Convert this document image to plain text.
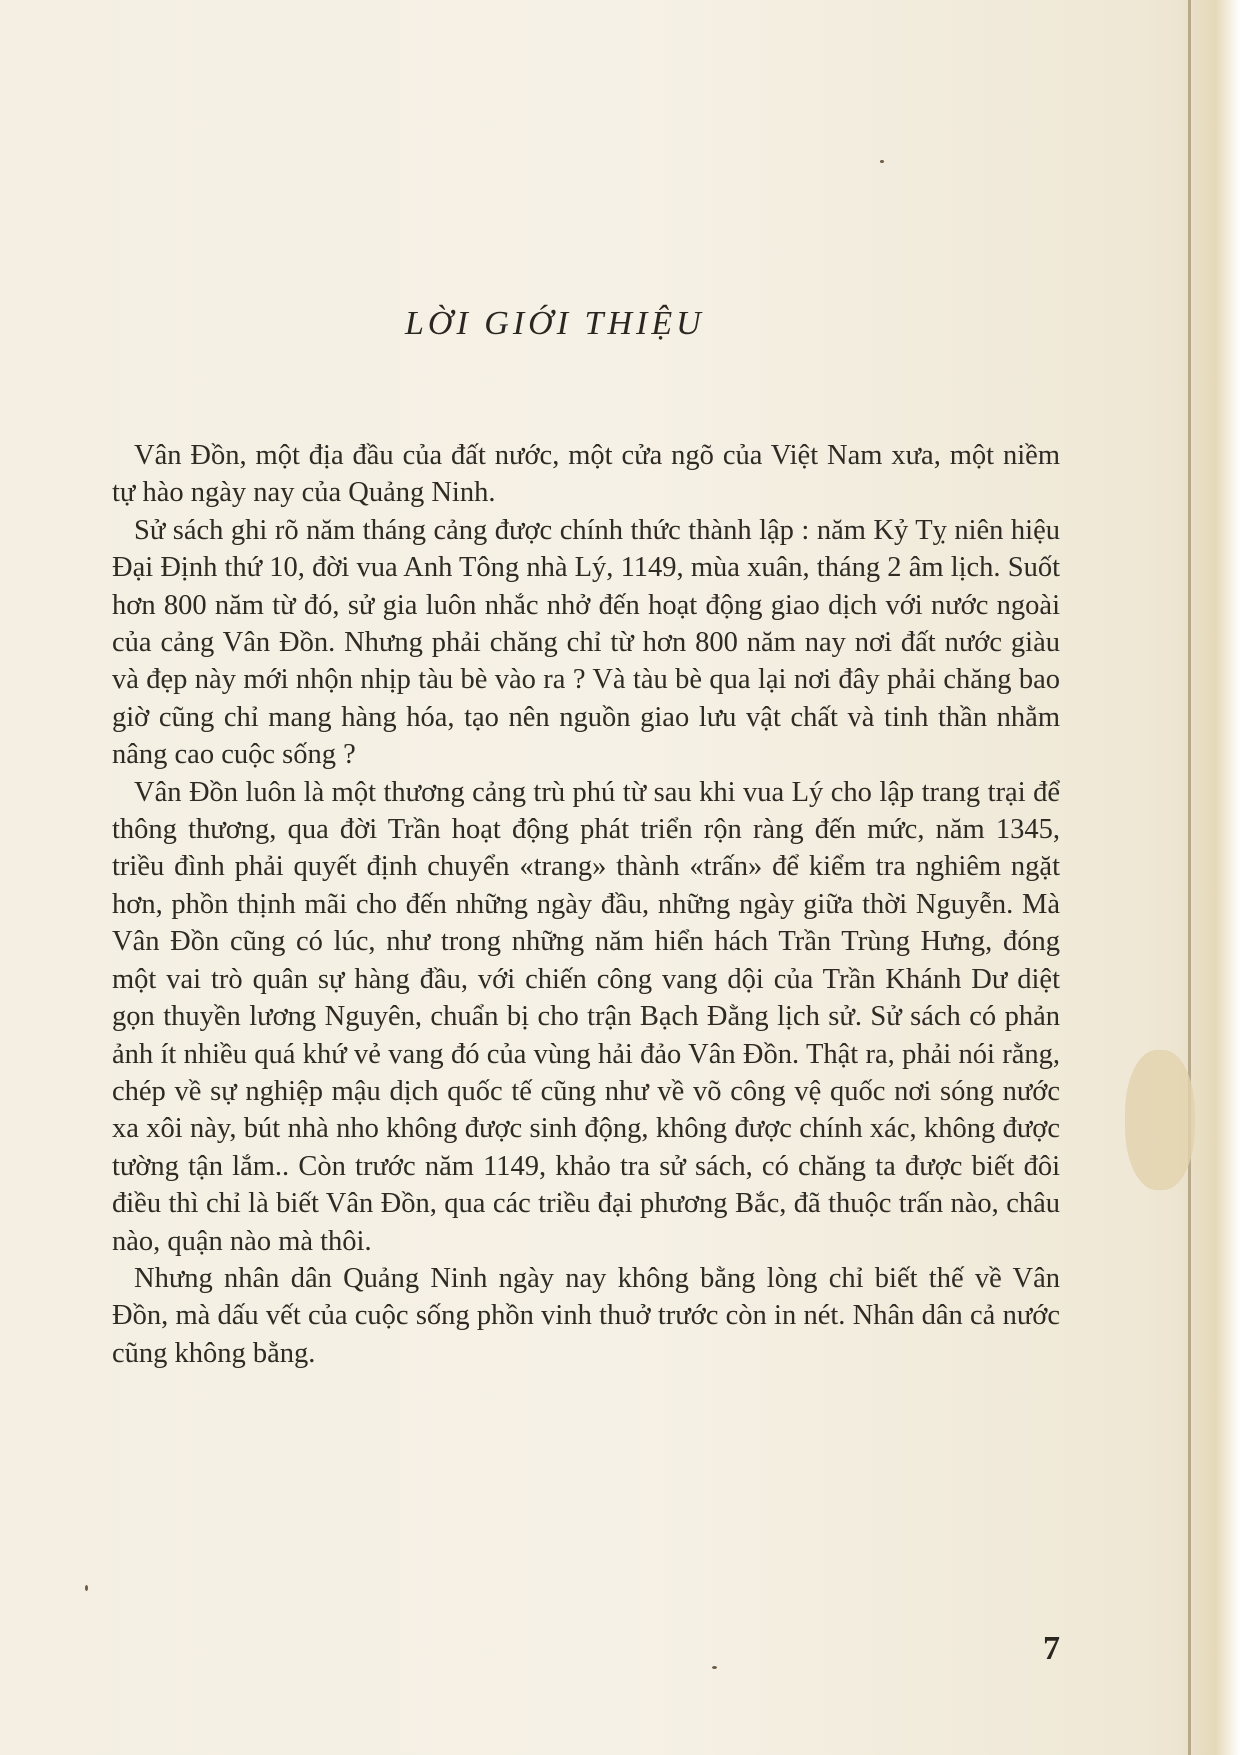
LỜI GIỚI THIỆU

Vân Đồn, một địa đầu của đất nước, một cửa ngõ của Việt Nam xưa, một niềm tự hào ngày nay của Quảng Ninh.

Sử sách ghi rõ năm tháng cảng được chính thức thành lập : năm Kỷ Tỵ niên hiệu Đại Định thứ 10, đời vua Anh Tông nhà Lý, 1149, mùa xuân, tháng 2 âm lịch. Suốt hơn 800 năm từ đó, sử gia luôn nhắc nhở đến hoạt động giao dịch với nước ngoài của cảng Vân Đồn. Nhưng phải chăng chỉ từ hơn 800 năm nay nơi đất nước giàu và đẹp này mới nhộn nhịp tàu bè vào ra ? Và tàu bè qua lại nơi đây phải chăng bao giờ cũng chỉ mang hàng hóa, tạo nên nguồn giao lưu vật chất và tinh thần nhằm nâng cao cuộc sống ?

Vân Đồn luôn là một thương cảng trù phú từ sau khi vua Lý cho lập trang trại để thông thương, qua đời Trần hoạt động phát triển rộn ràng đến mức, năm 1345, triều đình phải quyết định chuyển «trang» thành «trấn» để kiểm tra nghiêm ngặt hơn, phồn thịnh mãi cho đến những ngày đầu, những ngày giữa thời Nguyễn. Mà Vân Đồn cũng có lúc, như trong những năm hiển hách Trần Trùng Hưng, đóng một vai trò quân sự hàng đầu, với chiến công vang dội của Trần Khánh Dư diệt gọn thuyền lương Nguyên, chuẩn bị cho trận Bạch Đằng lịch sử. Sử sách có phản ảnh ít nhiều quá khứ vẻ vang đó của vùng hải đảo Vân Đồn. Thật ra, phải nói rằng, chép về sự nghiệp mậu dịch quốc tế cũng như về võ công vệ quốc nơi sóng nước xa xôi này, bút nhà nho không được sinh động, không được chính xác, không được tường tận lắm.. Còn trước năm 1149, khảo tra sử sách, có chăng ta được biết đôi điều thì chỉ là biết Vân Đồn, qua các triều đại phương Bắc, đã thuộc trấn nào, châu nào, quận nào mà thôi.

Nhưng nhân dân Quảng Ninh ngày nay không bằng lòng chỉ biết thế về Vân Đồn, mà dấu vết của cuộc sống phồn vinh thuở trước còn in nét. Nhân dân cả nước cũng không bằng.

7
